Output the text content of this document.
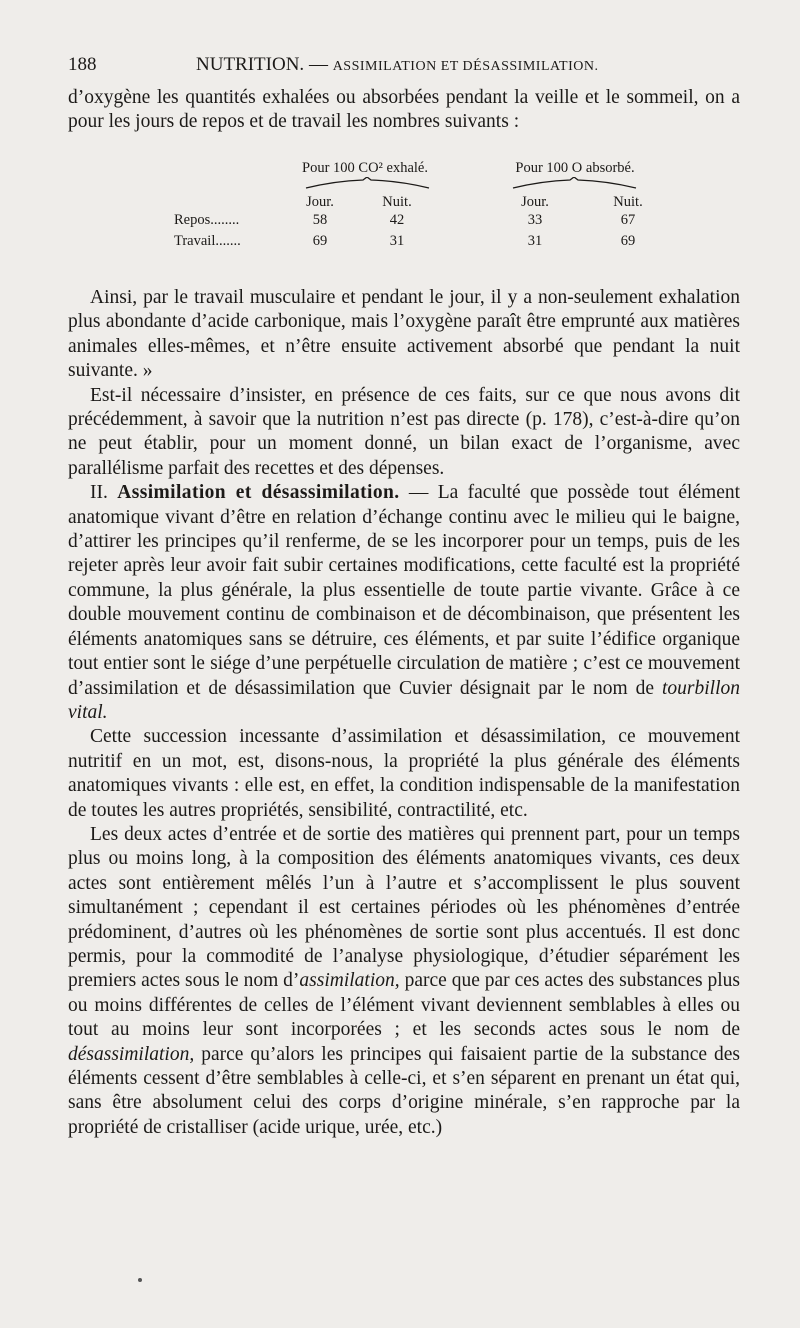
188	NUTRITION. — ASSIMILATION ET DÉSASSIMILATION.

d’oxygène les quantités exhalées ou absorbées pendant la veille et le sommeil, on a pour les jours de repos et de travail les nombres suivants :

Pour 100 CO² exhalé.	Pour 100 O absorbé.
Jour.	Nuit.	Jour.	Nuit.
Repos........	58	42	33	67
Travail.......	69	31	31	69

Ainsi, par le travail musculaire et pendant le jour, il y a non-seulement exhalation plus abondante d’acide carbonique, mais l’oxygène paraît être emprunté aux matières animales elles-mêmes, et n’être ensuite activement absorbé que pendant la nuit suivante. »

Est-il nécessaire d’insister, en présence de ces faits, sur ce que nous avons dit précédemment, à savoir que la nutrition n’est pas directe (p. 178), c’est-à-dire qu’on ne peut établir, pour un moment donné, un bilan exact de l’organisme, avec parallélisme parfait des recettes et des dépenses.

II. Assimilation et désassimilation. — La faculté que possède tout élément anatomique vivant d’être en relation d’échange continu avec le milieu qui le baigne, d’attirer les principes qu’il renferme, de se les incorporer pour un temps, puis de les rejeter après leur avoir fait subir certaines modifications, cette faculté est la propriété commune, la plus générale, la plus essentielle de toute partie vivante. Grâce à ce double mouvement continu de combinaison et de décombinaison, que présentent les éléments anatomiques sans se détruire, ces éléments, et par suite l’édifice organique tout entier sont le siége d’une perpétuelle circulation de matière ; c’est ce mouvement d’assimilation et de désassimilation que Cuvier désignait par le nom de tourbillon vital.

Cette succession incessante d’assimilation et désassimilation, ce mouvement nutritif en un mot, est, disons-nous, la propriété la plus générale des éléments anatomiques vivants : elle est, en effet, la condition indispensable de la manifestation de toutes les autres propriétés, sensibilité, contractilité, etc.

Les deux actes d’entrée et de sortie des matières qui prennent part, pour un temps plus ou moins long, à la composition des éléments anatomiques vivants, ces deux actes sont entièrement mêlés l’un à l’autre et s’accomplissent le plus souvent simultanément ; cependant il est certaines périodes où les phénomènes d’entrée prédominent, d’autres où les phénomènes de sortie sont plus accentués. Il est donc permis, pour la commodité de l’analyse physiologique, d’étudier séparément les premiers actes sous le nom d’assimilation, parce que par ces actes des substances plus ou moins différentes de celles de l’élément vivant deviennent semblables à elles ou tout au moins leur sont incorporées ; et les seconds actes sous le nom de désassimilation, parce qu’alors les principes qui faisaient partie de la substance des éléments cessent d’être semblables à celle-ci, et s’en séparent en prenant un état qui, sans être absolument celui des corps d’origine minérale, s’en rapproche par la propriété de cristalliser (acide urique, urée, etc.)
